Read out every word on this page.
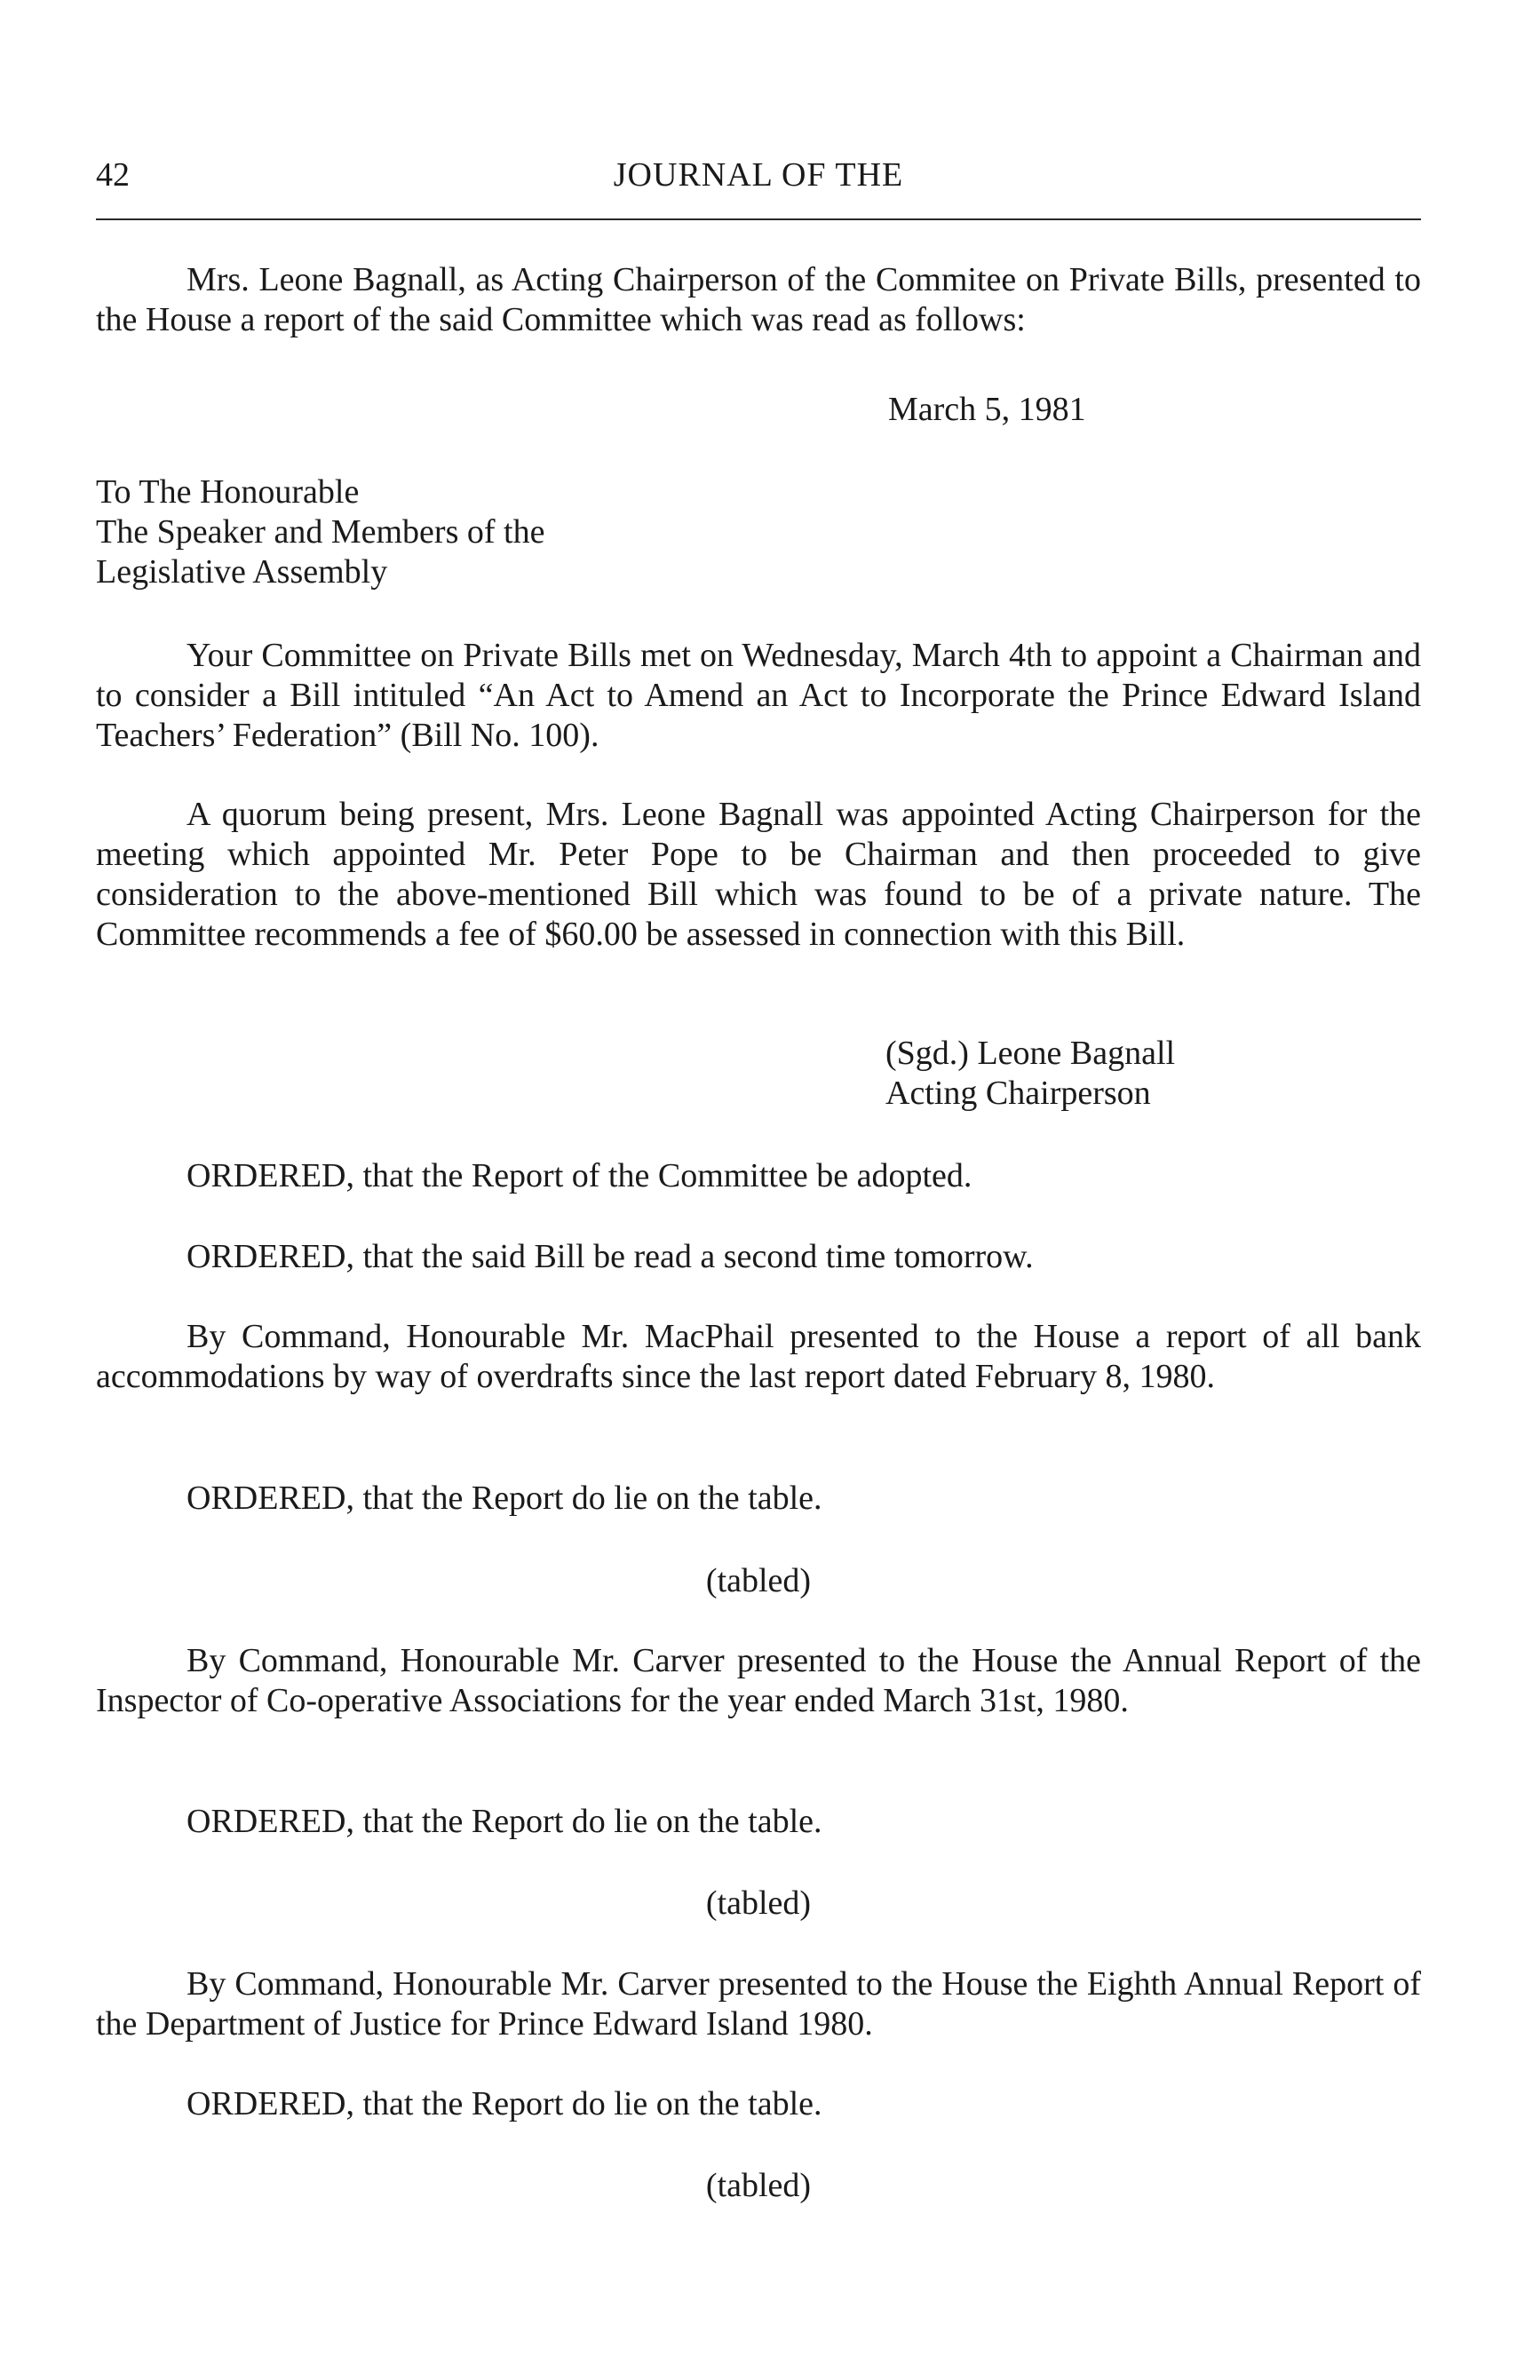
42	JOURNAL OF THE

Mrs. Leone Bagnall, as Acting Chairperson of the Commitee on Private Bills, presented to the House a report of the said Committee which was read as follows:

March 5, 1981

To The Honourable
The Speaker and Members of the
Legislative Assembly

Your Committee on Private Bills met on Wednesday, March 4th to appoint a Chairman and to consider a Bill intituled “An Act to Amend an Act to Incorporate the Prince Edward Island Teachers’ Federation” (Bill No. 100).

A quorum being present, Mrs. Leone Bagnall was appointed Acting Chairperson for the meeting which appointed Mr. Peter Pope to be Chairman and then proceeded to give consideration to the above-mentioned Bill which was found to be of a private nature. The Committee recommends a fee of $60.00 be assessed in connection with this Bill.

(Sgd.) Leone Bagnall
Acting Chairperson

ORDERED, that the Report of the Committee be adopted.

ORDERED, that the said Bill be read a second time tomorrow.

By Command, Honourable Mr. MacPhail presented to the House a report of all bank accommodations by way of overdrafts since the last report dated February 8, 1980.

ORDERED, that the Report do lie on the table.

(tabled)

By Command, Honourable Mr. Carver presented to the House the Annual Report of the Inspector of Co-operative Associations for the year ended March 31st, 1980.

ORDERED, that the Report do lie on the table.

(tabled)

By Command, Honourable Mr. Carver presented to the House the Eighth Annual Report of the Department of Justice for Prince Edward Island 1980.

ORDERED, that the Report do lie on the table.

(tabled)
